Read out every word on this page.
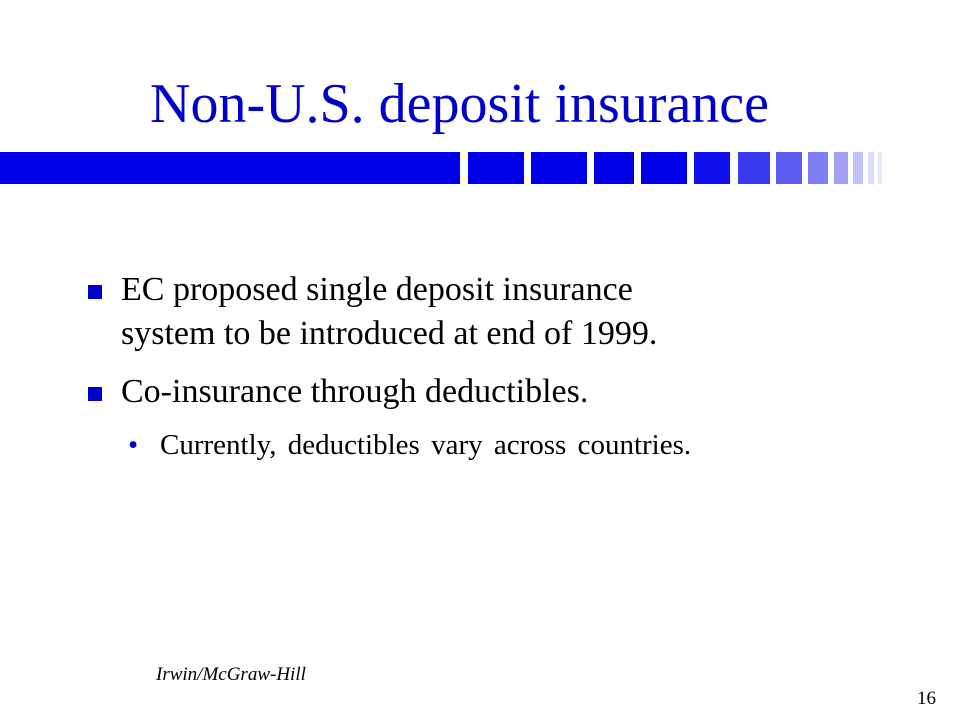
Non-U.S. deposit insurance
EC proposed single deposit insurance
system to be introduced at end of 1999.
Co-insurance through deductibles.
• Currently, deductibles vary across countries.
Irwin/McGraw-Hill
16
